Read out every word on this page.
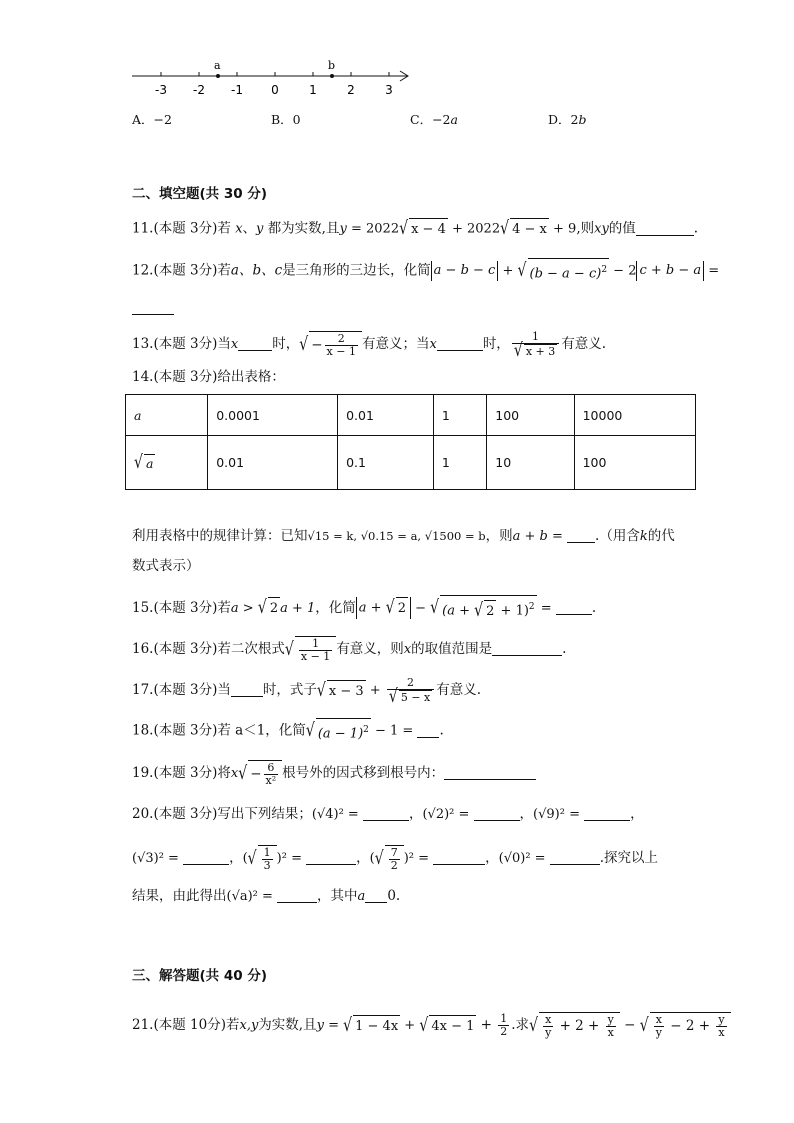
-3 -2 -1 0	1	2	3
a	b
A．−2	B．0	C．−2a	D．2b
二、填空题(共 30 分)
11.(本题 3分)若 x、y 都为实数,且y = 2022 √ x − 4 + 2022 √ 4 − x + 9,则xy的值	.
12.(本题 3分)若a、b、c是三角形的三边长，化简 a − b − c + √ $(b - a - c)^2 - 2$ c + b − a =
13.(本题 3分)当x	时， √ − $\frac{2}{x - 1}$ 有意义；当x	时， 1
√ x + 3 有意义.
14.(本题 3分)给出表格：
a	0.0001	0.01	1	100	10000
√ a	0.01	0.1	1	10	100
利用表格中的规律计算：已知√15 = k, √0.15 = a, √1500 = b，则a + b = .（用含k的代
数式表示）
15.(本题 3分)若a > √ 2 a + 1，化简 a + √ 2 − √ (a + √ 2 + 1)$^2$ =	.
16.(本题 3分)若二次根式 √ $\frac{1}{x - 1}$ 有意义，则x的取值范围是	.
17.(本题 3分)当 时，式子 √ x − 3 + 2
√ 5 − x 有意义.
18.(本题 3分)若 a＜1，化简 √ $(a - 1)^2 - 1$ = .
19.(本题 3分)将x √ − $\frac{6}{\text{x²}}$ 根号外的因式移到根号内：
20.(本题 3分)写出下列结果；(√4)² =	，(√2)² =	，(√9)² =	，
(√3)² =	，( √ $\frac{1}{3} )^2$ =	，( √ $\frac{7}{2} )^2$ =	，(√0)² =	.探究以上
结果，由此得出(√a)² =	，其中a 0.
三、解答题(共 40 分)
21.(本题 10分)若x,y为实数,且y = √ 1 − 4x + √ $4x - 1 + \frac{1}{2}$ .求 √ $\frac{x}{y} + 2 + \frac{y}{x}$ − √ $\frac{x}{y} - 2 + \frac{y}{x}$
